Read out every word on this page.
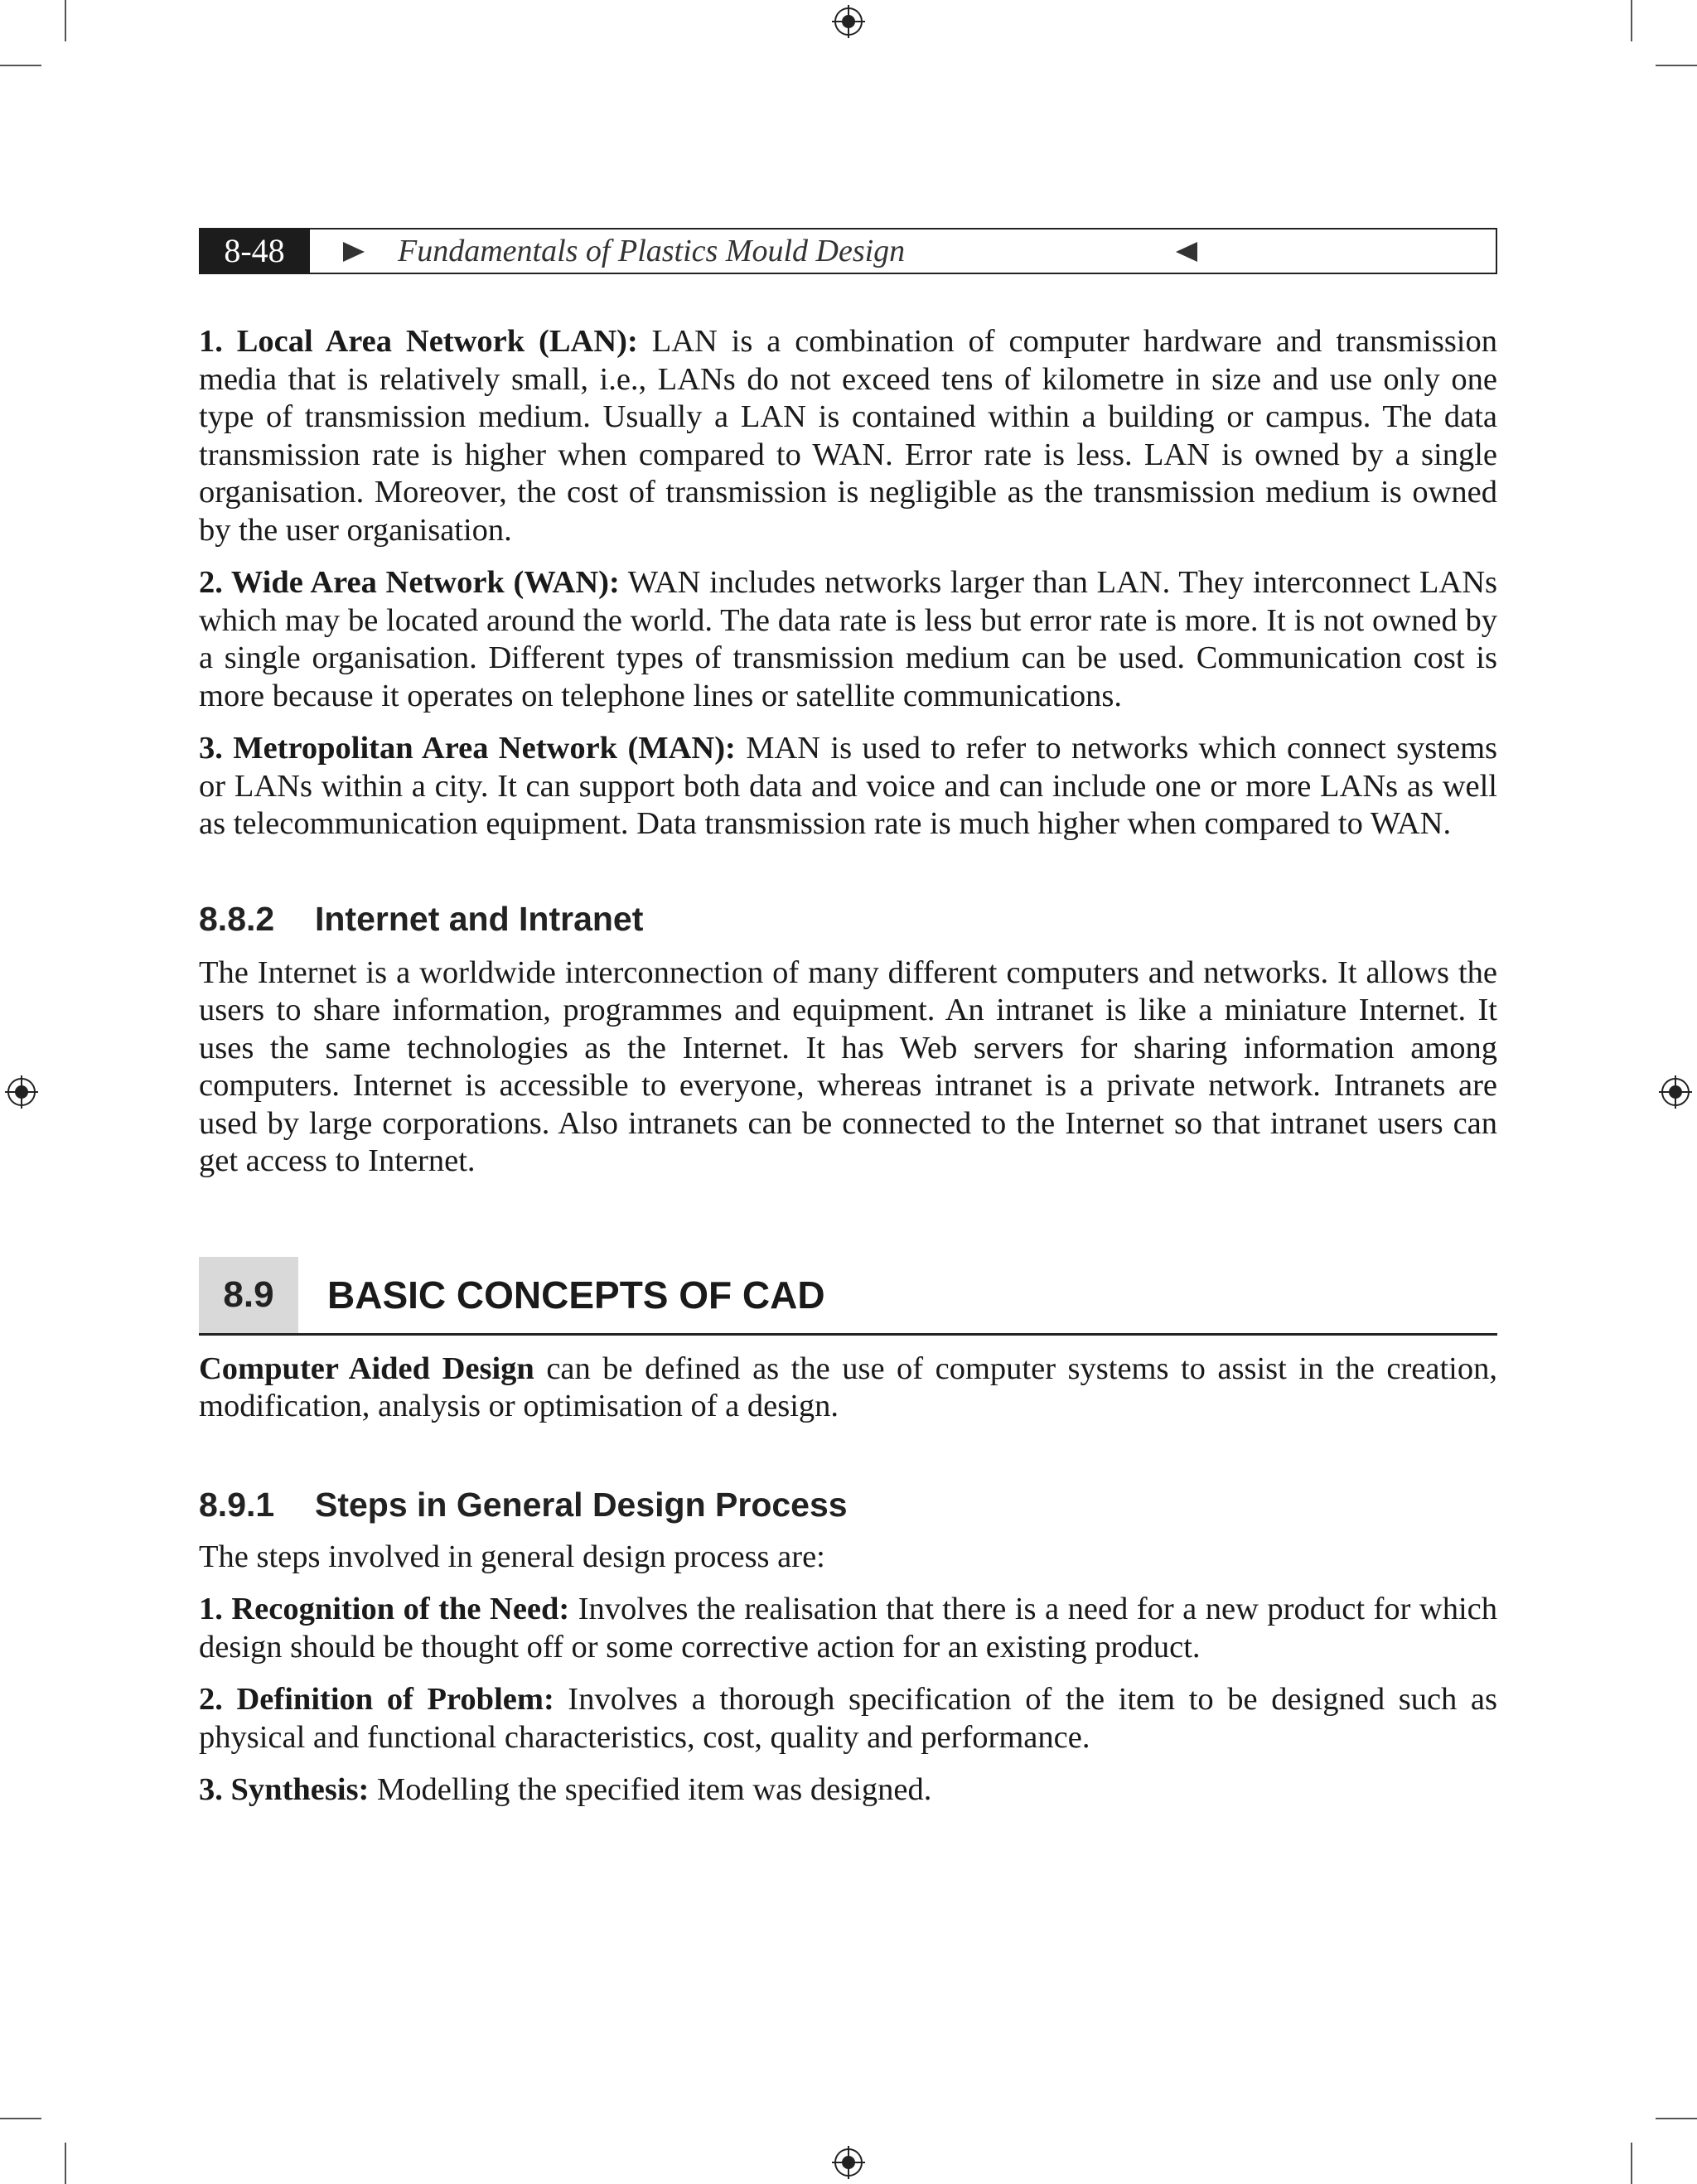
8-48	Fundamentals of Plastics Mould Design

1. Local Area Network (LAN): LAN is a combination of computer hardware and transmission media that is relatively small, i.e., LANs do not exceed tens of kilometre in size and use only one type of transmission medium. Usually a LAN is contained within a building or campus. The data transmission rate is higher when compared to WAN. Error rate is less. LAN is owned by a single organisation. Moreover, the cost of transmission is negligible as the transmission medium is owned by the user organisation.

2. Wide Area Network (WAN): WAN includes networks larger than LAN. They interconnect LANs which may be located around the world. The data rate is less but error rate is more. It is not owned by a single organisation. Different types of transmission medium can be used. Communication cost is more because it operates on telephone lines or satellite communications.

3. Metropolitan Area Network (MAN): MAN is used to refer to networks which connect systems or LANs within a city. It can support both data and voice and can include one or more LANs as well as telecommunication equipment. Data transmission rate is much higher when compared to WAN.

8.8.2 Internet and Intranet

The Internet is a worldwide interconnection of many different computers and networks. It allows the users to share information, programmes and equipment. An intranet is like a miniature Internet. It uses the same technologies as the Internet. It has Web servers for sharing information among computers. Internet is accessible to everyone, whereas intranet is a private network. Intranets are used by large corporations. Also intranets can be connected to the Internet so that intranet users can get access to Internet.

8.9	BASIC CONCEPTS OF CAD

Computer Aided Design can be defined as the use of computer systems to assist in the creation, modification, analysis or optimisation of a design.

8.9.1 Steps in General Design Process

The steps involved in general design process are:

1. Recognition of the Need: Involves the realisation that there is a need for a new product for which design should be thought off or some corrective action for an existing product.

2. Definition of Problem: Involves a thorough specification of the item to be designed such as physical and functional characteristics, cost, quality and performance.

3. Synthesis: Modelling the specified item was designed.
